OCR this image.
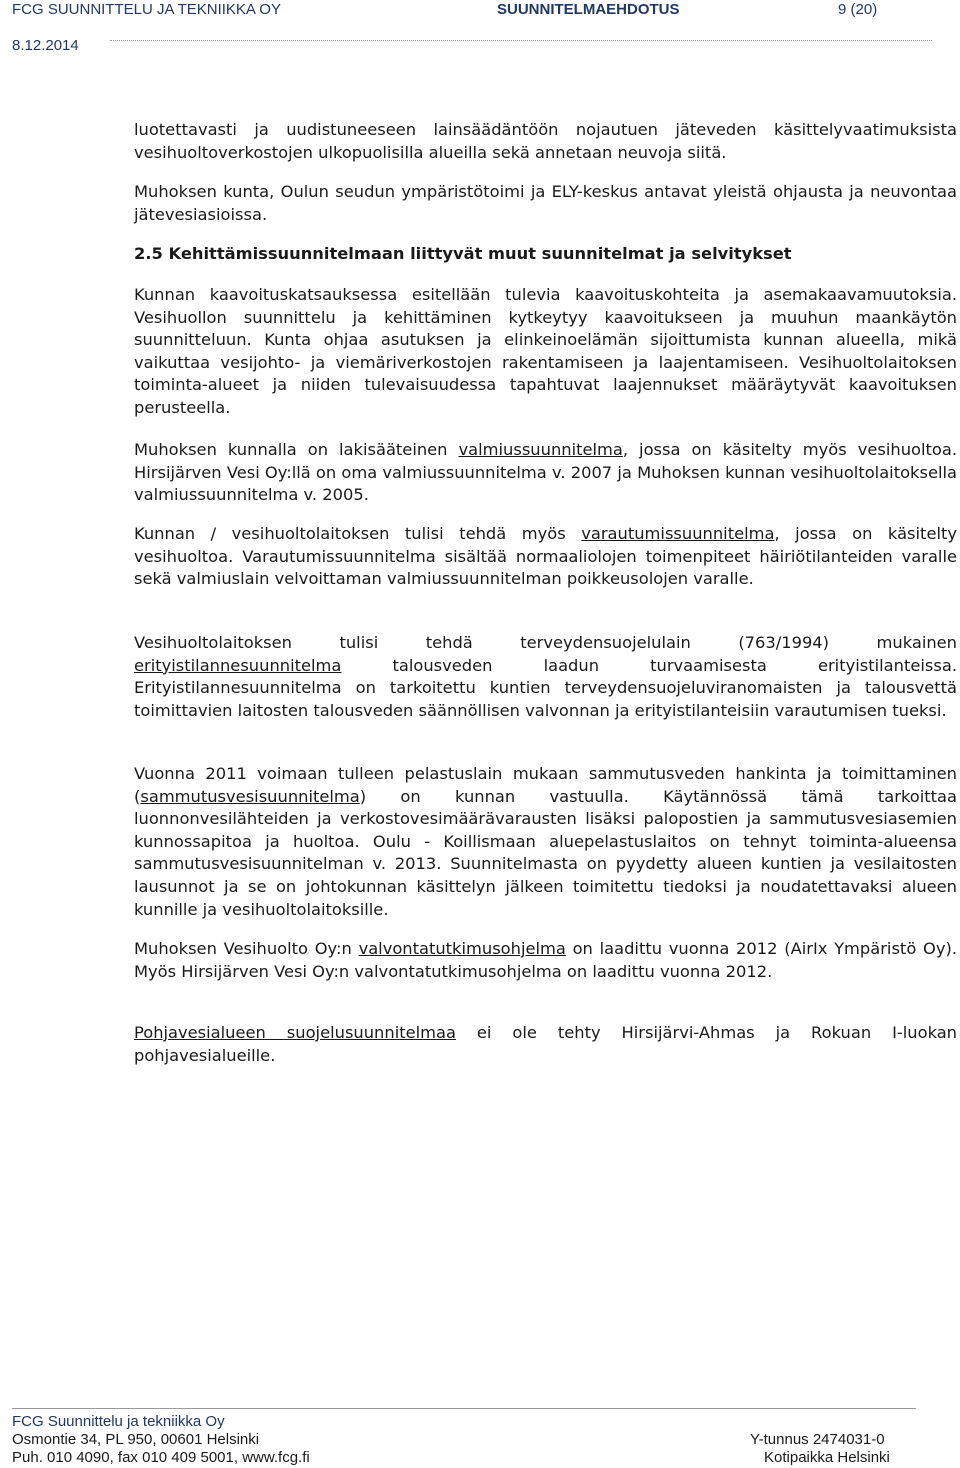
FCG SUUNNITTELU JA TEKNIIKKA OY	SUUNNITELMAEHDOTUS	9 (20)
8.12.2014

luotettavasti ja uudistuneeseen lainsäädäntöön nojautuen jäteveden käsittelyvaatimuksista vesihuoltoverkostojen ulkopuolisilla alueilla sekä annetaan neuvoja siitä.

Muhoksen kunta, Oulun seudun ympäristötoimi ja ELY-keskus antavat yleistä ohjausta ja neuvontaa jätevesiasioissa.

2.5 Kehittämissuunnitelmaan liittyvät muut suunnitelmat ja selvitykset

Kunnan kaavoituskatsauksessa esitellään tulevia kaavoituskohteita ja asemakaavamuutoksia. Vesihuollon suunnittelu ja kehittäminen kytkeytyy kaavoitukseen ja muuhun maankäytön suunnitteluun. Kunta ohjaa asutuksen ja elinkeinoelämän sijoittumista kunnan alueella, mikä vaikuttaa vesijohto- ja viemäriverkostojen rakentamiseen ja laajentamiseen. Vesihuoltolaitoksen toiminta-alueet ja niiden tulevaisuudessa tapahtuvat laajennukset määräytyvät kaavoituksen perusteella.

Muhoksen kunnalla on lakisääteinen valmiussuunnitelma, jossa on käsitelty myös vesihuoltoa. Hirsijärven Vesi Oy:llä on oma valmiussuunnitelma v. 2007 ja Muhoksen kunnan vesihuoltolaitoksella valmiussuunnitelma v. 2005.

Kunnan / vesihuoltolaitoksen tulisi tehdä myös varautumissuunnitelma, jossa on käsitelty vesihuoltoa. Varautumissuunnitelma sisältää normaaliolojen toimenpiteet häiriötilanteiden varalle sekä valmiuslain velvoittaman valmiussuunnitelman poikkeusolojen varalle.

Vesihuoltolaitoksen tulisi tehdä terveydensuojelulain (763/1994) mukainen erityistilannesuunnitelma talousveden laadun turvaamisesta erityistilanteissa. Erityistilannesuunnitelma on tarkoitettu kuntien terveydensuojeluviranomaisten ja talousvettä toimittavien laitosten talousveden säännöllisen valvonnan ja erityistilanteisiin varautumisen tueksi.

Vuonna 2011 voimaan tulleen pelastuslain mukaan sammutusveden hankinta ja toimittaminen (sammutusvesisuunnitelma) on kunnan vastuulla. Käytännössä tämä tarkoittaa luonnonvesilähteiden ja verkostovesimäärävarausten lisäksi palopostien ja sammutusvesiasemien kunnossapitoa ja huoltoa. Oulu - Koillismaan aluepelastuslaitos on tehnyt toiminta-alueensa sammutusvesisuunnitelman v. 2013. Suunnitelmasta on pyydetty alueen kuntien ja vesilaitosten lausunnot ja se on johtokunnan käsittelyn jälkeen toimitettu tiedoksi ja noudatettavaksi alueen kunnille ja vesihuoltolaitoksille.

Muhoksen Vesihuolto Oy:n valvontatutkimusohjelma on laadittu vuonna 2012 (AirIx Ympäristö Oy). Myös Hirsijärven Vesi Oy:n valvontatutkimusohjelma on laadittu vuonna 2012.

Pohjavesialueen suojelusuunnitelmaa ei ole tehty Hirsijärvi-Ahmas ja Rokuan I-luokan pohjavesialueille.

FCG Suunnittelu ja tekniikka Oy
Osmontie 34, PL 950, 00601 Helsinki
Puh. 010 4090, fax 010 409 5001, www.fcg.fi
Y-tunnus 2474031-0
Kotipaikka Helsinki
